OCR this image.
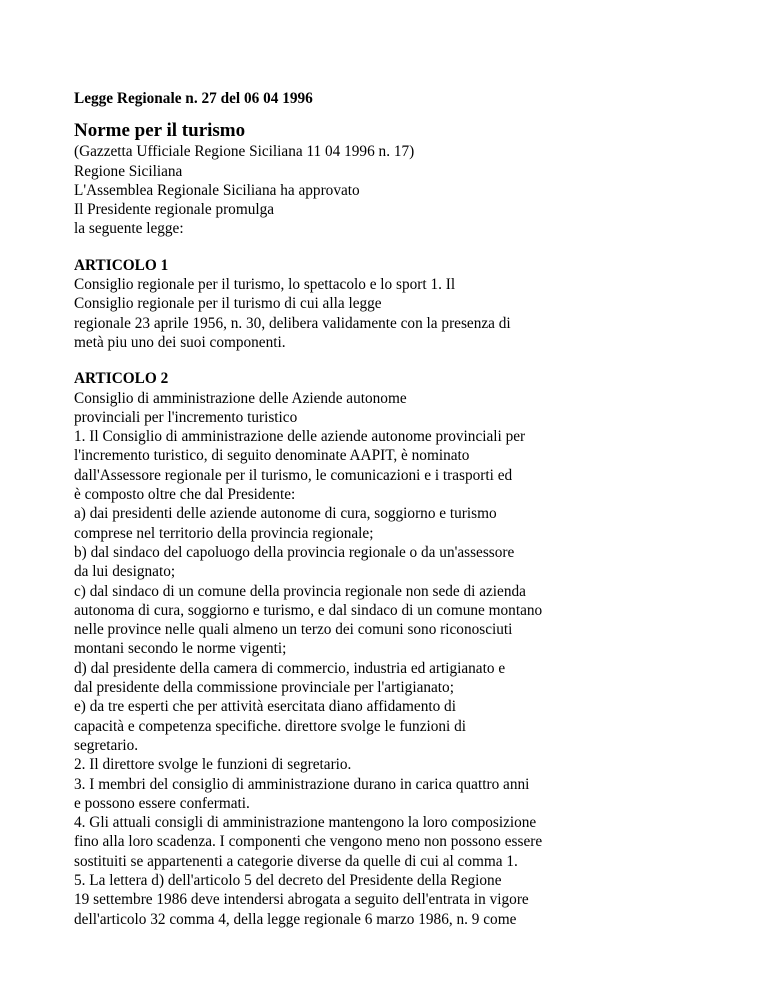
Legge Regionale n. 27 del 06 04 1996
Norme per il turismo
(Gazzetta Ufficiale Regione Siciliana 11 04 1996 n. 17)
Regione Siciliana
L'Assemblea Regionale Siciliana ha approvato
Il Presidente regionale promulga
la seguente legge:
ARTICOLO 1
Consiglio regionale per il turismo, lo spettacolo e lo sport 1. Il
Consiglio regionale per il turismo di cui alla legge
regionale 23 aprile 1956, n. 30, delibera validamente con la presenza di
metà piu uno dei suoi componenti.
ARTICOLO 2
Consiglio di amministrazione delle Aziende autonome
provinciali per l'incremento turistico
1. Il Consiglio di amministrazione delle aziende autonome provinciali per
l'incremento turistico, di seguito denominate AAPIT, è nominato
dall'Assessore regionale per il turismo, le comunicazioni e i trasporti ed
è composto oltre che dal Presidente:
a) dai presidenti delle aziende autonome di cura, soggiorno e turismo
comprese nel territorio della provincia regionale;
b) dal sindaco del capoluogo della provincia regionale o da un'assessore
da lui designato;
c) dal sindaco di un comune della provincia regionale non sede di azienda
autonoma di cura, soggiorno e turismo, e dal sindaco di un comune montano
nelle province nelle quali almeno un terzo dei comuni sono riconosciuti
montani secondo le norme vigenti;
d) dal presidente della camera di commercio, industria ed artigianato e
dal presidente della commissione provinciale per l'artigianato;
e) da tre esperti che per attività esercitata diano affidamento di
capacità e competenza specifiche. direttore svolge le funzioni di
segretario.
2. Il direttore svolge le funzioni di segretario.
3. I membri del consiglio di amministrazione durano in carica quattro anni
e possono essere confermati.
4. Gli attuali consigli di amministrazione mantengono la loro composizione
fino alla loro scadenza. I componenti che vengono meno non possono essere
sostituiti se appartenenti a categorie diverse da quelle di cui al comma 1.
5. La lettera d) dell'articolo 5 del decreto del Presidente della Regione
19 settembre 1986 deve intendersi abrogata a seguito dell'entrata in vigore
dell'articolo 32 comma 4, della legge regionale 6 marzo 1986, n. 9 come
